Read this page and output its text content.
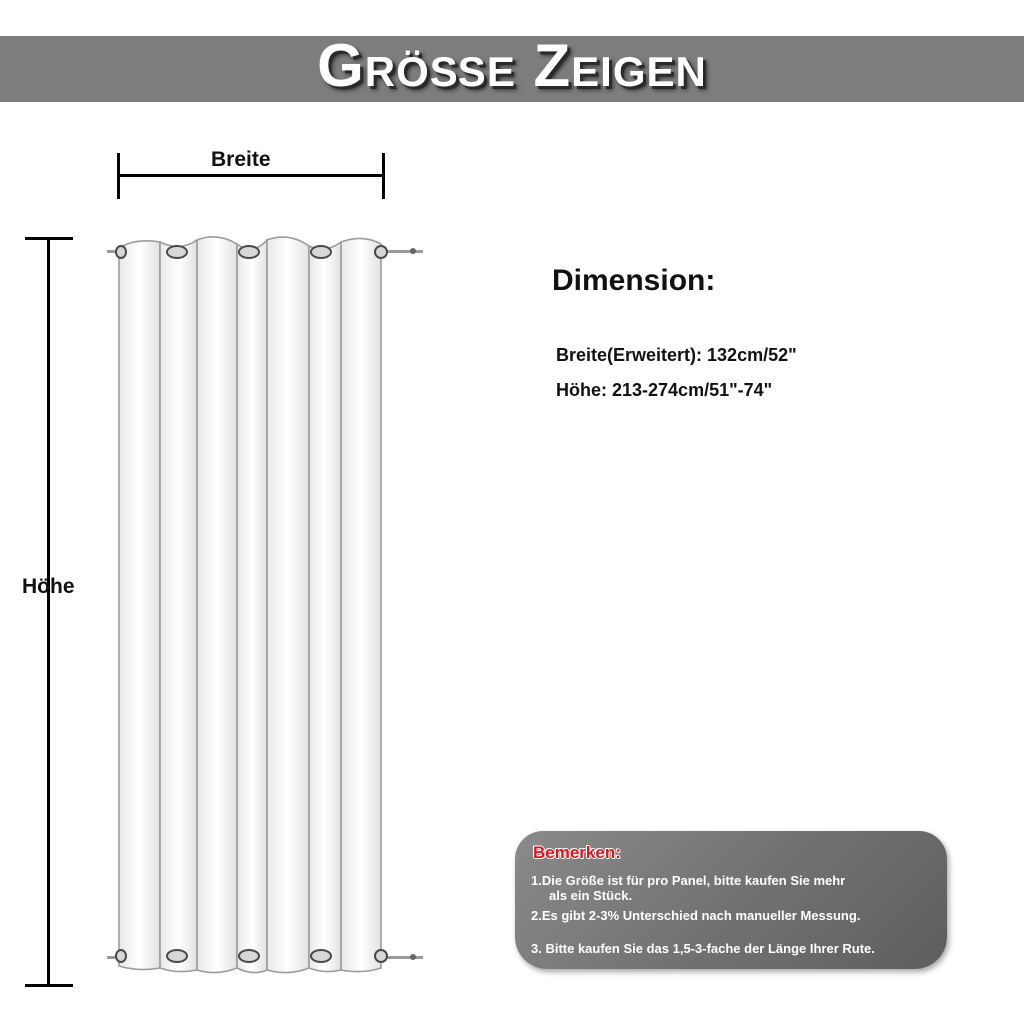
Größe Zeigen
Breite
Höhe
Dimension:
Breite(Erweitert): 132cm/52"
Höhe: 213-274cm/51"-74"
Bemerken:
1.Die Größe ist für pro Panel, bitte kaufen Sie mehr
als ein Stück.
2.Es gibt 2-3% Unterschied nach manueller Messung.
3. Bitte kaufen Sie das 1,5-3-fache der Länge Ihrer Rute.
